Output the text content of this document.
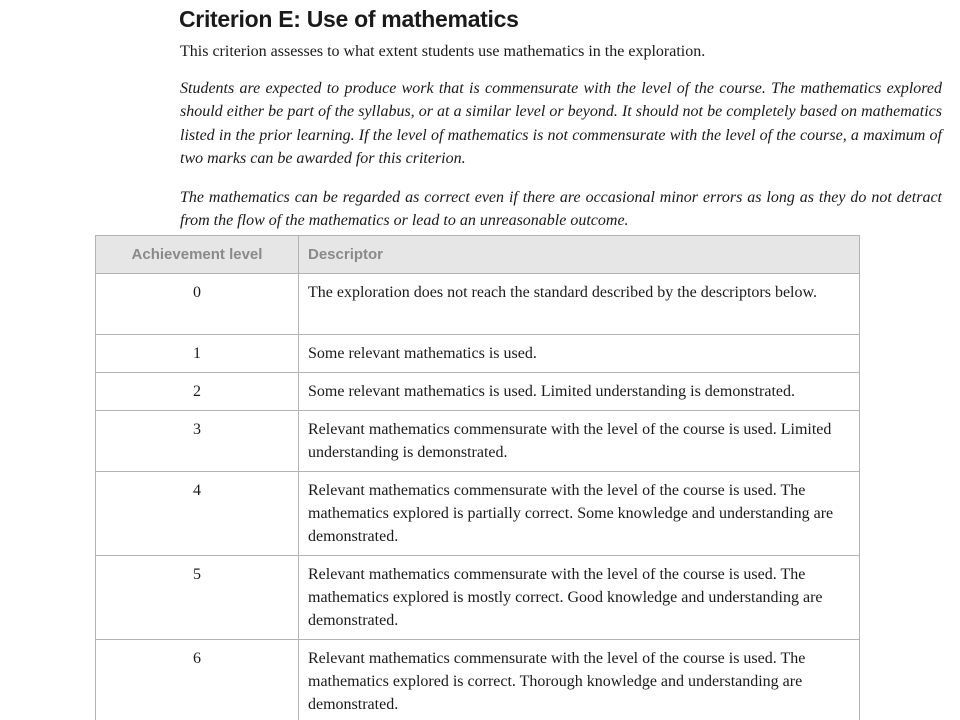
Criterion E: Use of mathematics

This criterion assesses to what extent students use mathematics in the exploration.

Students are expected to produce work that is commensurate with the level of the course. The mathematics explored should either be part of the syllabus, or at a similar level or beyond. It should not be completely based on mathematics listed in the prior learning. If the level of mathematics is not commensurate with the level of the course, a maximum of two marks can be awarded for this criterion.

The mathematics can be regarded as correct even if there are occasional minor errors as long as they do not detract from the flow of the mathematics or lead to an unreasonable outcome.

Achievement level	Descriptor
0	The exploration does not reach the standard described by the descriptors below.
1	Some relevant mathematics is used.
2	Some relevant mathematics is used. Limited understanding is demonstrated.
3	Relevant mathematics commensurate with the level of the course is used. Limited understanding is demonstrated.
4	Relevant mathematics commensurate with the level of the course is used. The mathematics explored is partially correct. Some knowledge and understanding are demonstrated.
5	Relevant mathematics commensurate with the level of the course is used. The mathematics explored is mostly correct. Good knowledge and understanding are demonstrated.
6	Relevant mathematics commensurate with the level of the course is used. The mathematics explored is correct. Thorough knowledge and understanding are demonstrated.
